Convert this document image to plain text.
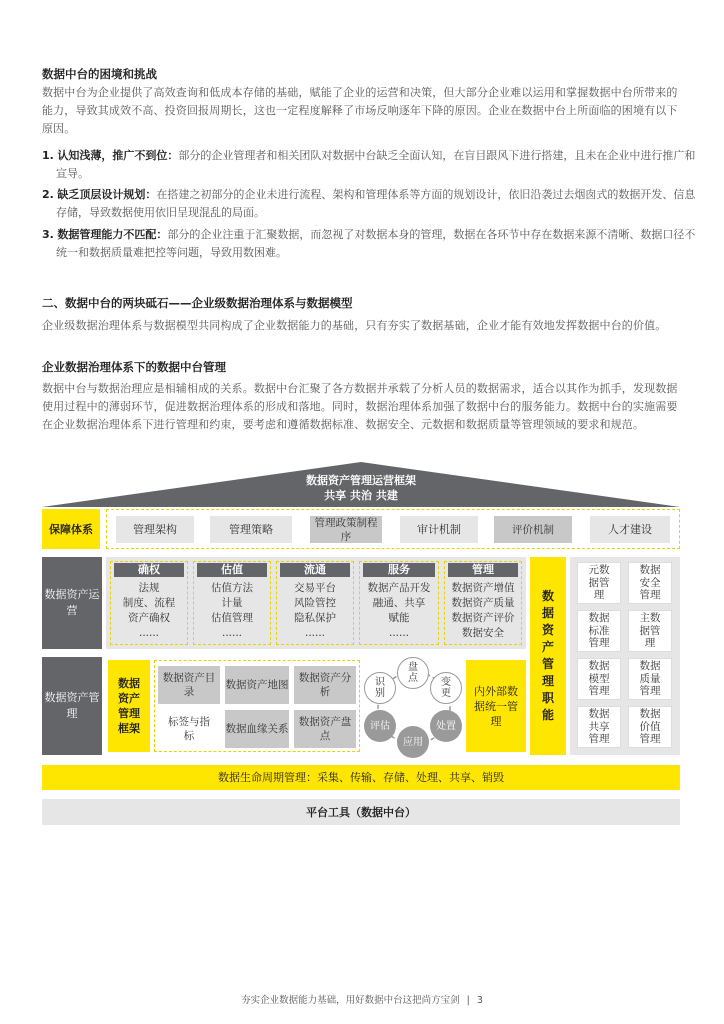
数据中台的困境和挑战
数据中台为企业提供了高效查询和低成本存储的基础，赋能了企业的运营和决策，但大部分企业难以运用和掌握数据中台所带来的能力，导致其成效不高、投资回报周期长，这也一定程度解释了市场反响逐年下降的原因。企业在数据中台上所面临的困境有以下原因。
1. 认知浅薄，推广不到位：部分的企业管理者和相关团队对数据中台缺乏全面认知，在盲目跟风下进行搭建，且未在企业中进行推广和宣导。
2. 缺乏顶层设计规划：在搭建之初部分的企业未进行流程、架构和管理体系等方面的规划设计，依旧沿袭过去烟囱式的数据开发、信息存储，导致数据使用依旧呈现混乱的局面。
3. 数据管理能力不匹配：部分的企业注重于汇聚数据，而忽视了对数据本身的管理，数据在各环节中存在数据来源不清晰、数据口径不统一和数据质量难把控等问题，导致用数困难。
二、数据中台的两块砥石——企业级数据治理体系与数据模型
企业级数据治理体系与数据模型共同构成了企业数据能力的基础，只有夯实了数据基础，企业才能有效地发挥数据中台的价值。
企业数据治理体系下的数据中台管理
数据中台与数据治理应是相辅相成的关系。数据中台汇聚了各方数据并承载了分析人员的数据需求，适合以其作为抓手，发现数据使用过程中的薄弱环节，促进数据治理体系的形成和落地。同时，数据治理体系加强了数据中台的服务能力。数据中台的实施需要在企业数据治理体系下进行管理和约束，要考虑和遵循数据标准、数据安全、元数据和数据质量等管理领域的要求和规范。
数据资产管理运营框架
共享 共治 共建
保障体系	管理架构	管理策略	管理政策制程序
审计机制	评价机制	人才建设
数据资产运营
确权
法规
制度、流程
资产确权
......
估值
估值方法
计量
估值管理
......
流通
交易平台
风险管控
隐私保护
......
服务
数据产品开发
融通、共享
赋能
......
管理
数据资产增值
数据资产质量
数据资产评价
数据安全
数据资产管理职能
元数据管理
数据安全管理
数据标准管理
主数据管理
数据模型管理
数据质量管理
数据共享管理
数据价值管理
数据资产管理
数据资产管理框架
数据资产目录
数据资产地图
数据资产分析
标签与指标
数据血缘关系
数据资产盘点
盘点	变更
处置
应用
评估
识别	内外部数据统一管理
数据生命周期管理：采集、传输、存储、处理、共享、销毁
平台工具（数据中台）
夯实企业数据能力基础，用好数据中台这把尚方宝剑 | 3
